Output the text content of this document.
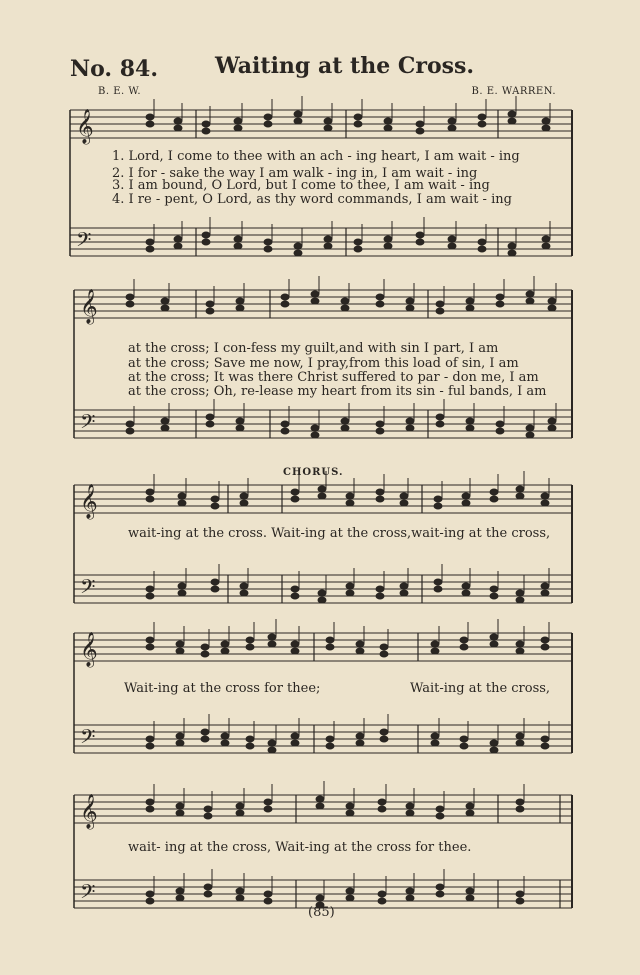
No. 84.	Waiting at the Cross.
B. E. W.	B. E. WARREN.
𝄞
𝄢
𝄞
𝄢
𝄞
𝄢
𝄞
𝄢
𝄞
𝄢
1. Lord, I come to thee with an ach - ing heart, I am wait - ing
2. I for - sake the way I am walk - ing in, I am wait - ing
3. I am bound, O Lord, but I come to thee, I am wait - ing
4. I re - pent, O Lord, as thy word commands, I am wait - ing
at the cross; I con-fess my guilt,and with sin I part, I am
at the cross; Save me now, I pray,from this load of sin, I am
at the cross; It was there Christ suffered to par - don me, I am
at the cross; Oh, re-lease my heart from its sin - ful bands, I am
CHORUS.
wait-ing at the cross. Wait-ing at the cross,wait-ing at the cross,
Wait-ing at the cross for thee;	Wait-ing at the cross,
wait- ing at the cross, Wait-ing at the cross for thee.
(85)
